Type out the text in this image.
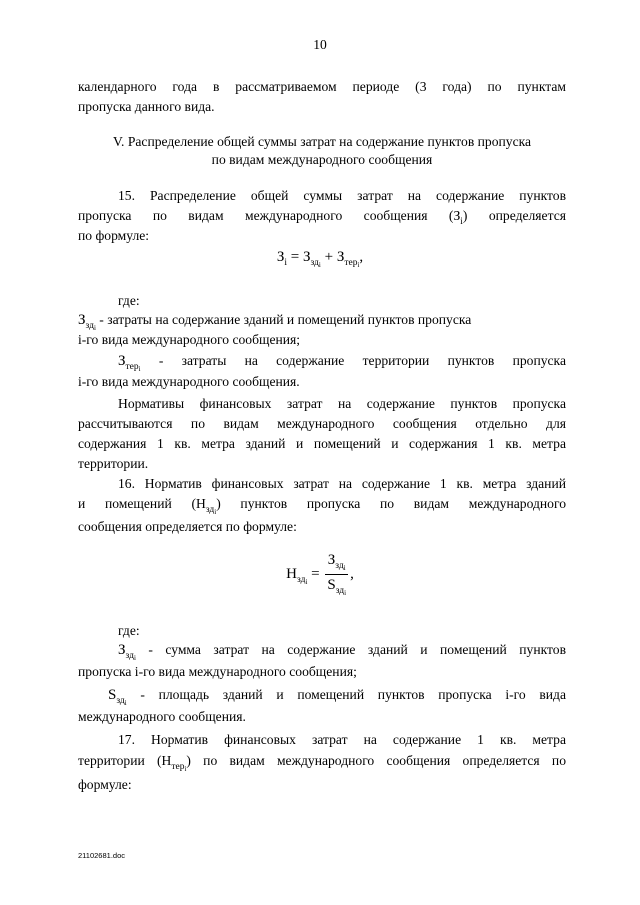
10
календарного года в рассматриваемом периоде (3 года) по пунктам
пропуска данного вида.
V. Распределение общей суммы затрат на содержание пунктов пропуска
по видам международного сообщения
15. Распределение общей суммы затрат на содержание пунктов
пропуска по видам международного сообщения $(З_i)$ определяется
по формуле:
$З_i = З_{зд_i} + З_{тер_i}$,
где:
$З_{зд_i}$ - затраты на содержание зданий и помещений пунктов пропуска
i-го вида международного сообщения;
$З_{тер_i}$ - затраты на содержание территории пунктов пропуска
i-го вида международного сообщения.
Нормативы финансовых затрат на содержание пунктов пропуска
рассчитываются по видам международного сообщения отдельно для
содержания 1 кв. метра зданий и помещений и содержания 1 кв. метра
территории.
16. Норматив финансовых затрат на содержание 1 кв. метра зданий
и помещений $(Н_{зд_i})$ пунктов пропуска по видам международного
сообщения определяется по формуле:
$Н_{зд_i} = \frac{З_{зд_i}}{S_{зд_i}}$ ,
где:
$З_{зд_i}$ - сумма затрат на содержание зданий и помещений пунктов
пропуска i-го вида международного сообщения;
$S_{зд_i}$ - площадь зданий и помещений пунктов пропуска i-го вида
международного сообщения.
17. Норматив финансовых затрат на содержание 1 кв. метра
территории $(Н_{тер_i})$ по видам международного сообщения определяется по
формуле:
21102681.doc
